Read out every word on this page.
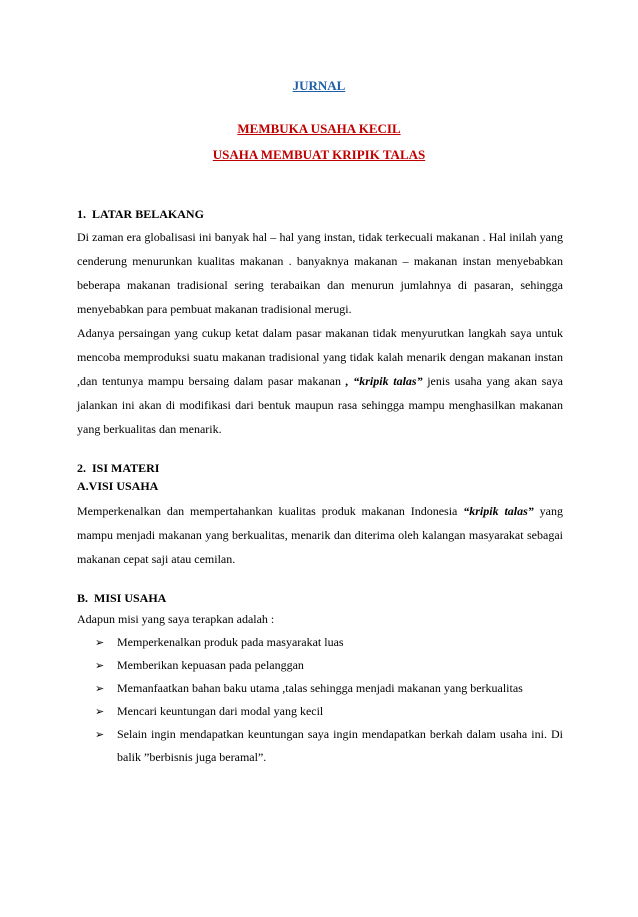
JURNAL
MEMBUKA USAHA KECIL
USAHA MEMBUAT KRIPIK TALAS
1.  LATAR BELAKANG
Di zaman era globalisasi ini banyak hal – hal yang instan, tidak terkecuali makanan . Hal inilah yang cenderung menurunkan kualitas makanan . banyaknya makanan – makanan instan menyebabkan beberapa makanan tradisional sering terabaikan dan menurun jumlahnya di pasaran, sehingga menyebabkan para pembuat makanan tradisional merugi.
Adanya persaingan yang cukup ketat dalam pasar makanan tidak menyurutkan langkah saya untuk mencoba memproduksi suatu makanan tradisional yang tidak kalah menarik dengan makanan instan ,dan tentunya mampu bersaing dalam pasar makanan , “kripik talas” jenis usaha yang akan saya jalankan ini akan di modifikasi dari bentuk maupun rasa sehingga mampu menghasilkan makanan yang berkualitas dan menarik.
2.  ISI MATERI
A.VISI USAHA
Memperkenalkan dan mempertahankan kualitas produk makanan Indonesia “kripik talas” yang mampu menjadi makanan yang berkualitas, menarik dan diterima oleh kalangan masyarakat sebagai makanan cepat saji atau cemilan.
B.  MISI USAHA
Adapun misi yang saya terapkan adalah :
➢ Memperkenalkan produk pada masyarakat luas
➢ Memberikan kepuasan pada pelanggan
➢ Memanfaatkan bahan baku utama ,talas sehingga menjadi makanan yang berkualitas
➢ Mencari keuntungan dari modal yang kecil
➢ Selain ingin mendapatkan keuntungan saya ingin mendapatkan berkah dalam usaha ini. Di balik ”berbisnis juga beramal”.
